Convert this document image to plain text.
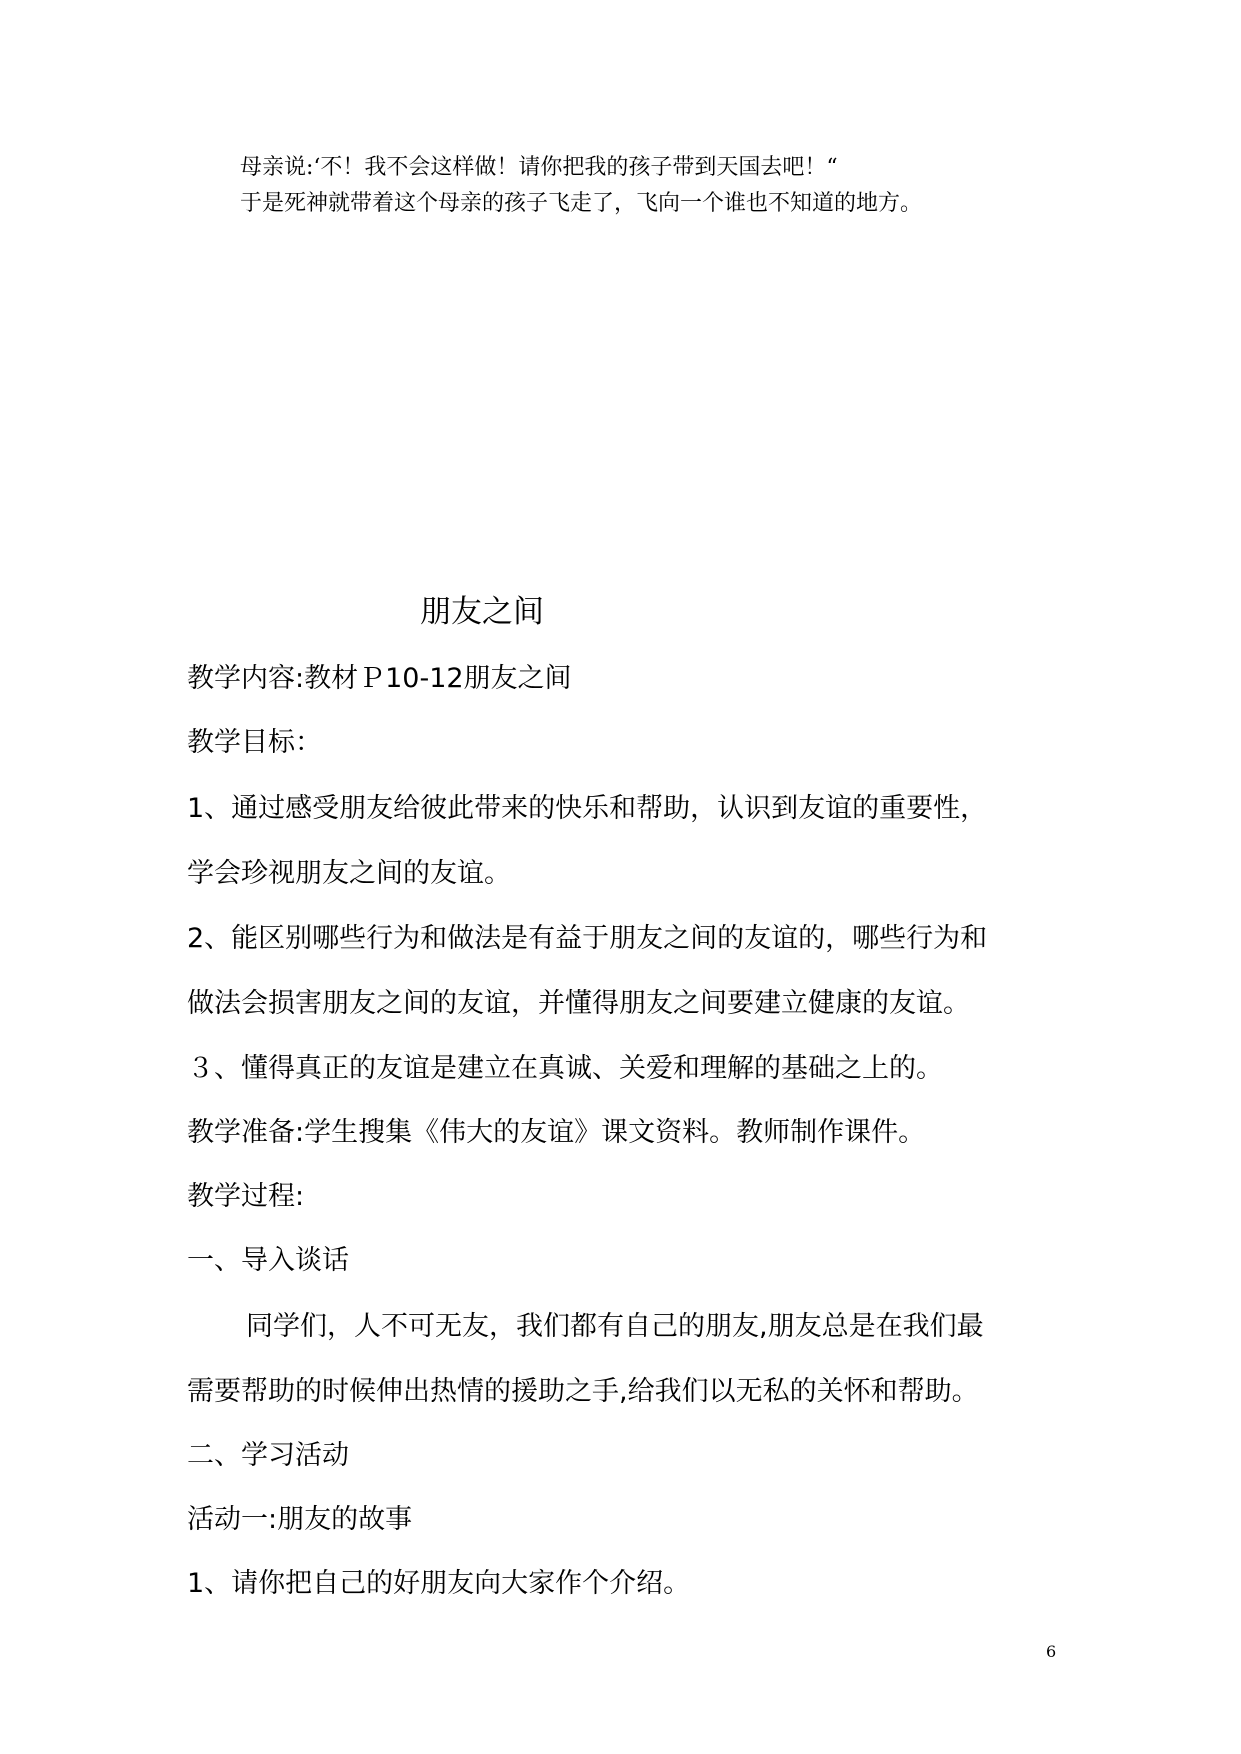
母亲说:‘不！我不会这样做！请你把我的孩子带到天国去吧！“
于是死神就带着这个母亲的孩子飞走了，飞向一个谁也不知道的地方。
朋友之间
教学内容:教材Ｐ10-12朋友之间
教学目标：
1、通过感受朋友给彼此带来的快乐和帮助，认识到友谊的重要性，
学会珍视朋友之间的友谊。
2、能区别哪些行为和做法是有益于朋友之间的友谊的，哪些行为和
做法会损害朋友之间的友谊，并懂得朋友之间要建立健康的友谊。
３、懂得真正的友谊是建立在真诚、关爱和理解的基础之上的。
教学准备:学生搜集《伟大的友谊》课文资料。教师制作课件。
教学过程:
一、导入谈话
同学们，人不可无友，我们都有自己的朋友,朋友总是在我们最
需要帮助的时候伸出热情的援助之手,给我们以无私的关怀和帮助。
二、学习活动
活动一:朋友的故事
1、请你把自己的好朋友向大家作个介绍。
6
